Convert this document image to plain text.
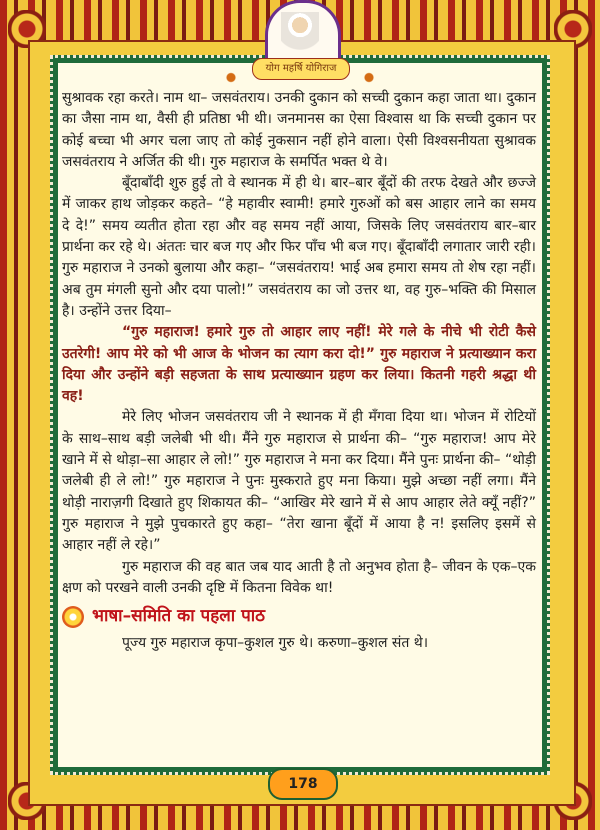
योग महर्षि योगिराज

सुश्रावक रहा करते। नाम था– जसवंतराय। उनकी दुकान को सच्ची दुकान कहा जाता था। दुकान का जैसा नाम था, वैसी ही प्रतिष्ठा भी थी। जनमानस का ऐसा विश्वास था कि सच्ची दुकान पर कोई बच्चा भी अगर चला जाए तो कोई नुकसान नहीं होने वाला। ऐसी विश्वसनीयता सुश्रावक जसवंतराय ने अर्जित की थी। गुरु महाराज के समर्पित भक्त थे वे।

बूँदाबाँदी शुरु हुई तो वे स्थानक में ही थे। बार–बार बूँदों की तरफ देखते और छज्जे में जाकर हाथ जोड़कर कहते– “हे महावीर स्वामी! हमारे गुरुओं को बस आहार लाने का समय दे दे!” समय व्यतीत होता रहा और वह समय नहीं आया, जिसके लिए जसवंतराय बार–बार प्रार्थना कर रहे थे। अंततः चार बज गए और फिर पाँच भी बज गए। बूँदाबाँदी लगातार जारी रही। गुरु महाराज ने उनको बुलाया और कहा– “जसवंतराय! भाई अब हमारा समय तो शेष रहा नहीं। अब तुम मंगली सुनो और दया पालो!” जसवंतराय का जो उत्तर था, वह गुरु–भक्ति की मिसाल है। उन्होंने उत्तर दिया–

“गुरु महाराज! हमारे गुरु तो आहार लाए नहीं! मेरे गले के नीचे भी रोटी कैसे उतरेगी! आप मेरे को भी आज के भोजन का त्याग करा दो!” गुरु महाराज ने प्रत्याख्यान करा दिया और उन्होंने बड़ी सहजता के साथ प्रत्याख्यान ग्रहण कर लिया। कितनी गहरी श्रद्धा थी वह!

मेरे लिए भोजन जसवंतराय जी ने स्थानक में ही मँगवा दिया था। भोजन में रोटियों के साथ–साथ बड़ी जलेबी भी थी। मैंने गुरु महाराज से प्रार्थना की– “गुरु महाराज! आप मेरे खाने में से थोड़ा–सा आहार ले लो!” गुरु महाराज ने मना कर दिया। मैंने पुनः प्रार्थना की– “थोड़ी जलेबी ही ले लो!” गुरु महाराज ने पुनः मुस्कराते हुए मना किया। मुझे अच्छा नहीं लगा। मैंने थोड़ी नाराज़गी दिखाते हुए शिकायत की– “आखिर मेरे खाने में से आप आहार लेते क्यूँ नहीं?” गुरु महाराज ने मुझे पुचकारते हुए कहा– “तेरा खाना बूँदों में आया है न! इसलिए इसमें से आहार नहीं ले रहे।”

गुरु महाराज की वह बात जब याद आती है तो अनुभव होता है– जीवन के एक–एक क्षण को परखने वाली उनकी दृष्टि में कितना विवेक था!

भाषा–समिति का पहला पाठ

पूज्य गुरु महाराज कृपा–कुशल गुरु थे। करुणा–कुशल संत थे।

178
